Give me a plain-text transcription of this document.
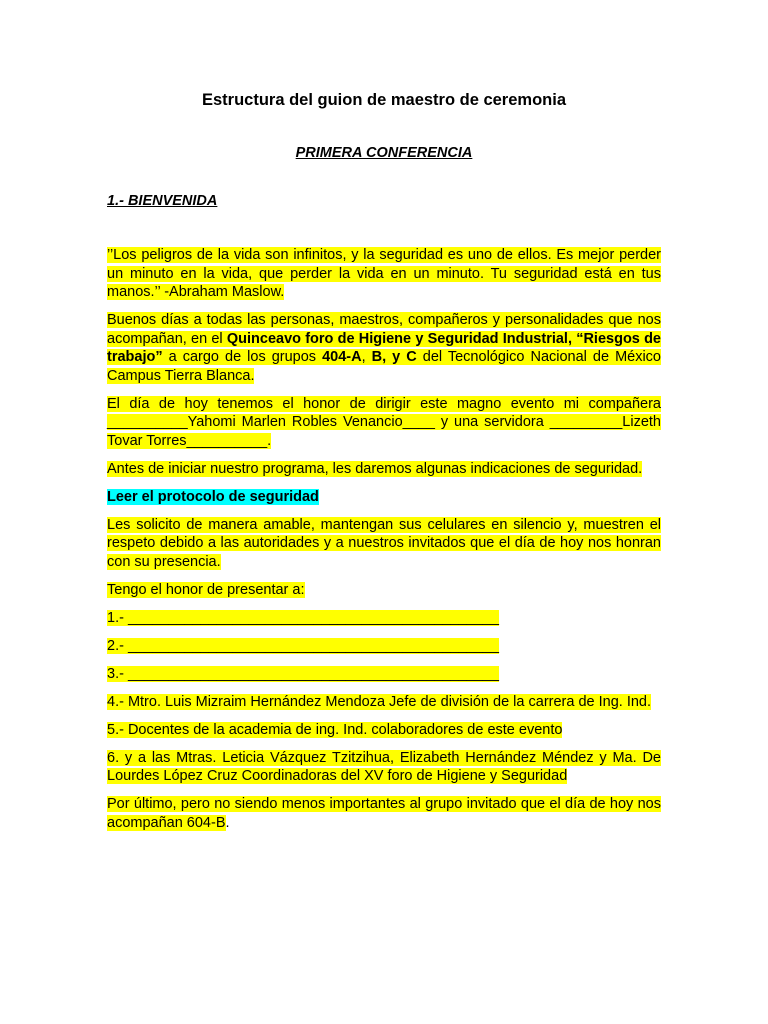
Estructura del guion de maestro de ceremonia
PRIMERA CONFERENCIA
1.- BIENVENIDA

’’Los peligros de la vida son infinitos, y la seguridad es uno de ellos. Es mejor perder un minuto en la vida, que perder la vida en un minuto. Tu seguridad está en tus manos.’’ -Abraham Maslow.

Buenos días a todas las personas, maestros, compañeros y personalidades que nos acompañan, en el Quinceavo foro de Higiene y Seguridad Industrial, “Riesgos de trabajo” a cargo de los grupos 404-A, B, y C del Tecnológico Nacional de México Campus Tierra Blanca.

El día de hoy tenemos el honor de dirigir este magno evento mi compañera __________Yahomi Marlen Robles Venancio____ y una servidora _________Lizeth Tovar Torres__________.

Antes de iniciar nuestro programa, les daremos algunas indicaciones de seguridad.

Leer el protocolo de seguridad

Les solicito de manera amable, mantengan sus celulares en silencio y, muestren el respeto debido a las autoridades y a nuestros invitados que el día de hoy nos honran con su presencia.

Tengo el honor de presentar a:

1.- ______________________________________________

2.- ______________________________________________

3.- ______________________________________________

4.- Mtro. Luis Mizraim Hernández Mendoza Jefe de división de la carrera de Ing. Ind.

5.- Docentes de la academia de ing. Ind. colaboradores de este evento

6. y a las Mtras. Leticia Vázquez Tzitzihua, Elizabeth Hernández Méndez y Ma. De Lourdes López Cruz Coordinadoras del XV foro de Higiene y Seguridad

Por último, pero no siendo menos importantes al grupo invitado que el día de hoy nos acompañan 604-B.
